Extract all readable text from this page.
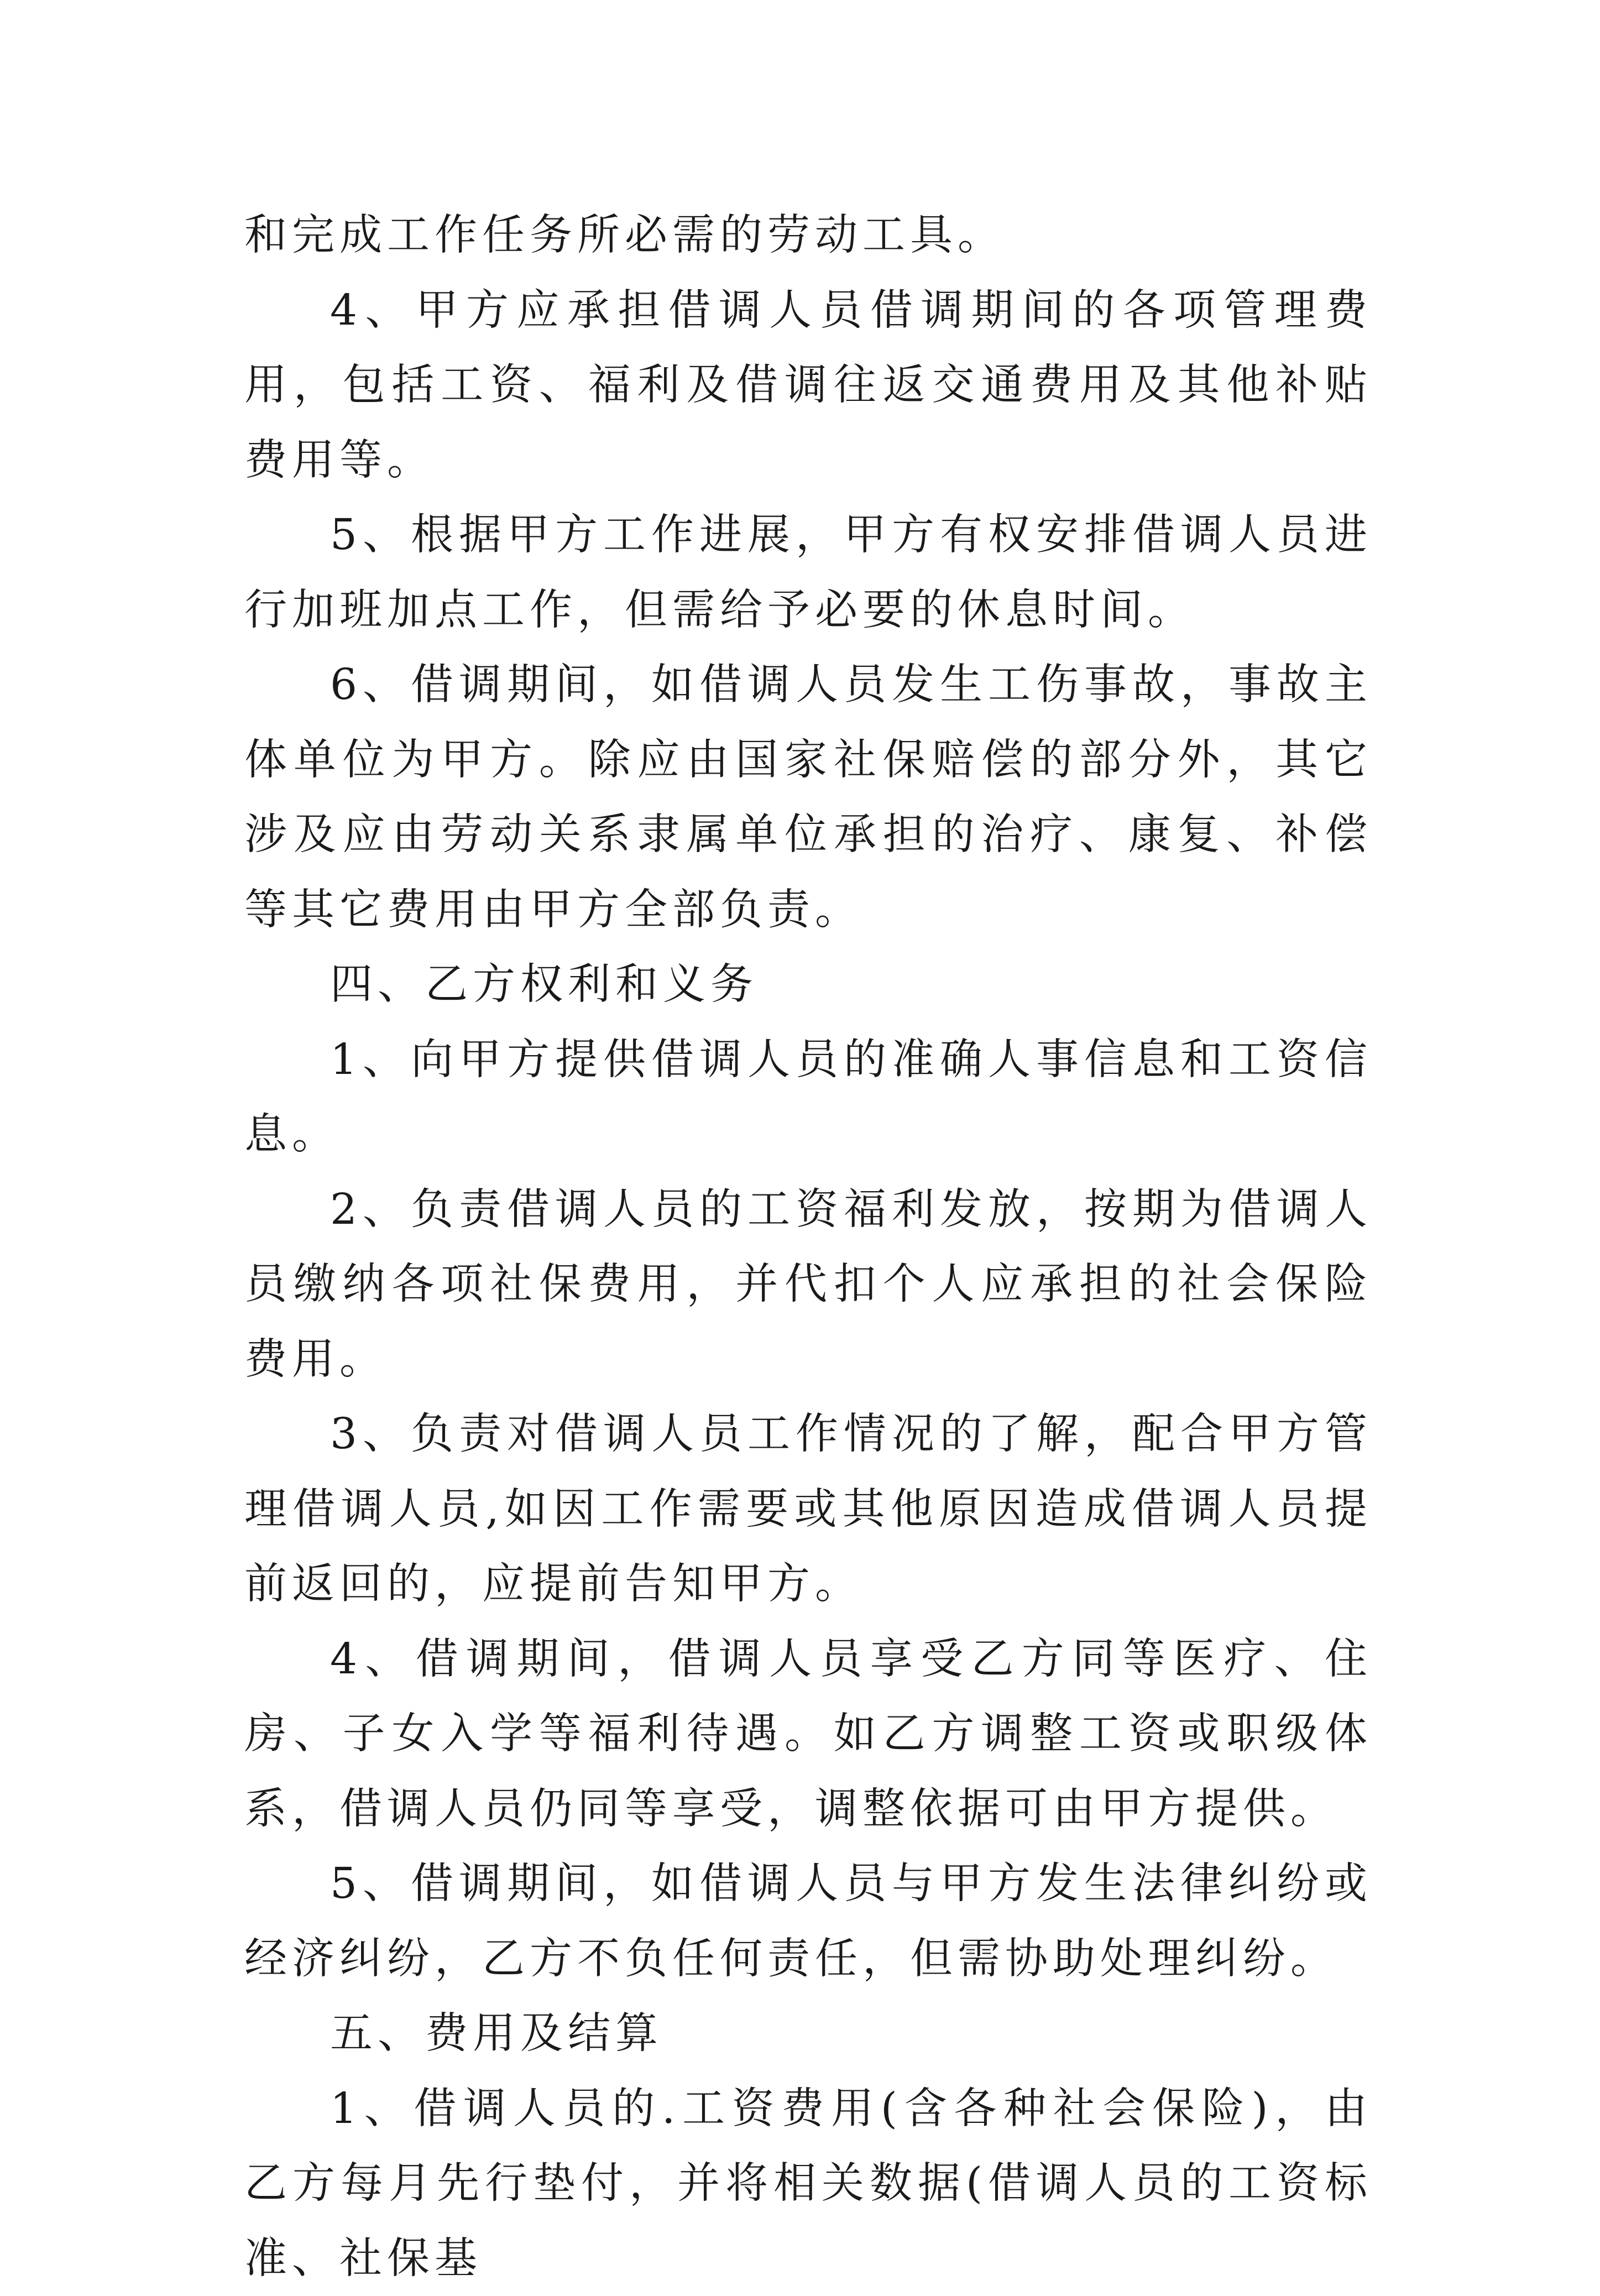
和完成工作任务所必需的劳动工具。

4、甲方应承担借调人员借调期间的各项管理费用，包括工资、福利及借调往返交通费用及其他补贴费用等。

5、根据甲方工作进展，甲方有权安排借调人员进行加班加点工作，但需给予必要的休息时间。

6、借调期间，如借调人员发生工伤事故，事故主体单位为甲方。除应由国家社保赔偿的部分外，其它涉及应由劳动关系隶属单位承担的治疗、康复、补偿等其它费用由甲方全部负责。

四、乙方权利和义务

1、向甲方提供借调人员的准确人事信息和工资信息。

2、负责借调人员的工资福利发放，按期为借调人员缴纳各项社保费用，并代扣个人应承担的社会保险费用。

3、负责对借调人员工作情况的了解，配合甲方管理借调人员,如因工作需要或其他原因造成借调人员提前返回的，应提前告知甲方。

4、借调期间，借调人员享受乙方同等医疗、住房、子女入学等福利待遇。如乙方调整工资或职级体系，借调人员仍同等享受，调整依据可由甲方提供。

5、借调期间，如借调人员与甲方发生法律纠纷或经济纠纷，乙方不负任何责任，但需协助处理纠纷。

五、费用及结算

1、借调人员的.工资费用(含各种社会保险)，由乙方每月先行垫付，并将相关数据(借调人员的工资标准、社保基
